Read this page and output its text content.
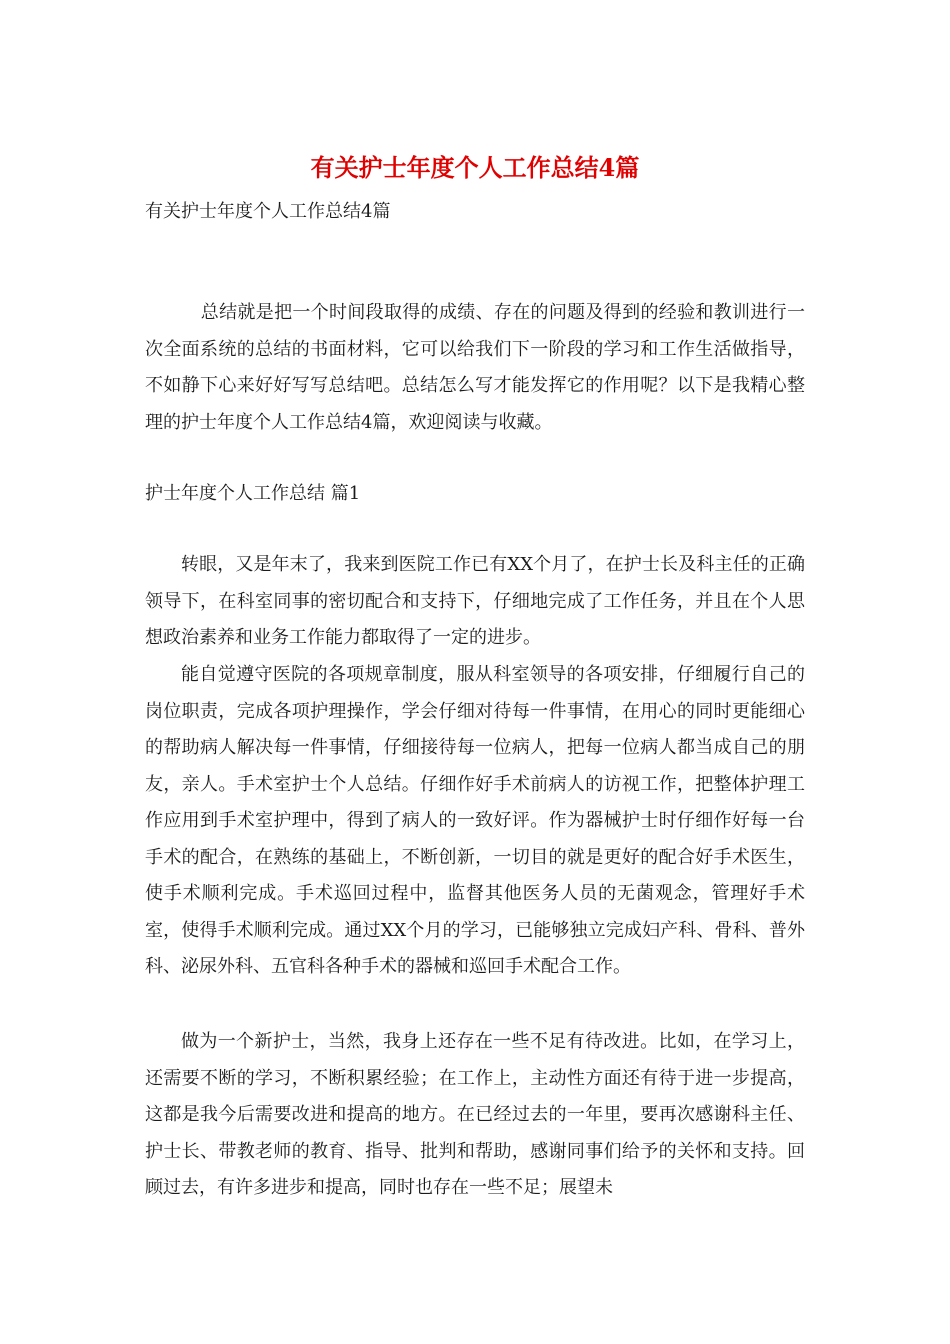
有关护士年度个人工作总结4篇

有关护士年度个人工作总结4篇

总结就是把一个时间段取得的成绩、存在的问题及得到的经验和教训进行一次全面系统的总结的书面材料，它可以给我们下一阶段的学习和工作生活做指导，不如静下心来好好写写总结吧。总结怎么写才能发挥它的作用呢？以下是我精心整理的护士年度个人工作总结4篇，欢迎阅读与收藏。

护士年度个人工作总结 篇1

转眼，又是年末了，我来到医院工作已有XX个月了，在护士长及科主任的正确领导下，在科室同事的密切配合和支持下，仔细地完成了工作任务，并且在个人思想政治素养和业务工作能力都取得了一定的进步。

能自觉遵守医院的各项规章制度，服从科室领导的各项安排，仔细履行自己的岗位职责，完成各项护理操作，学会仔细对待每一件事情，在用心的同时更能细心的帮助病人解决每一件事情，仔细接待每一位病人，把每一位病人都当成自己的朋友，亲人。手术室护士个人总结。仔细作好手术前病人的访视工作，把整体护理工作应用到手术室护理中，得到了病人的一致好评。作为器械护士时仔细作好每一台手术的配合，在熟练的基础上，不断创新，一切目的就是更好的配合好手术医生，使手术顺利完成。手术巡回过程中，监督其他医务人员的无菌观念，管理好手术室，使得手术顺利完成。通过XX个月的学习，已能够独立完成妇产科、骨科、普外科、泌尿外科、五官科各种手术的器械和巡回手术配合工作。

做为一个新护士，当然，我身上还存在一些不足有待改进。比如，在学习上，还需要不断的学习，不断积累经验；在工作上，主动性方面还有待于进一步提高，这都是我今后需要改进和提高的地方。在已经过去的一年里，要再次感谢科主任、护士长、带教老师的教育、指导、批判和帮助，感谢同事们给予的关怀和支持。回顾过去，有许多进步和提高，同时也存在一些不足；展望未
